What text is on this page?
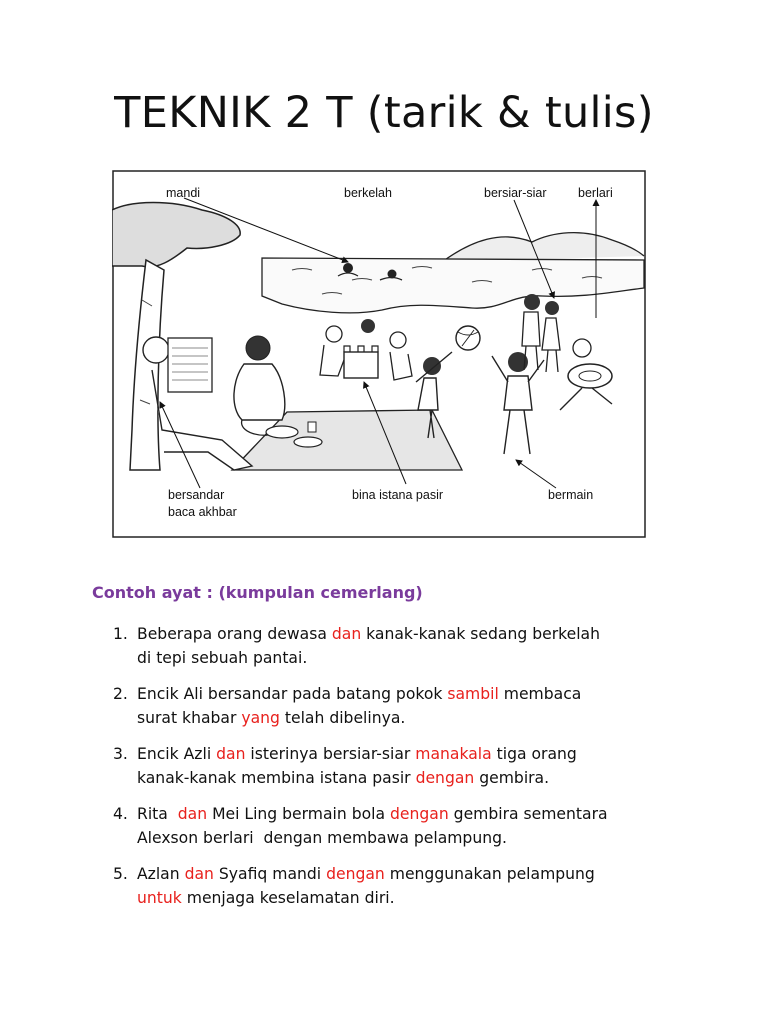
TEKNIK 2 T (tarik & tulis)
mandi	berkelah	bersiar-siar	berlari
bersandar
baca akhbar
bina istana pasir	bermain
Contoh ayat : (kumpulan cemerlang)
1. Beberapa orang dewasa dan kanak-kanak sedang berkelah
di tepi sebuah pantai.
2. Encik Ali bersandar pada batang pokok sambil membaca
surat khabar yang telah dibelinya.
3. Encik Azli dan isterinya bersiar-siar manakala tiga orang
kanak-kanak membina istana pasir dengan gembira.
4. Rita  dan Mei Ling bermain bola dengan gembira sementara
Alexson berlari  dengan membawa pelampung.
5. Azlan dan Syafiq mandi dengan menggunakan pelampung
untuk menjaga keselamatan diri.
